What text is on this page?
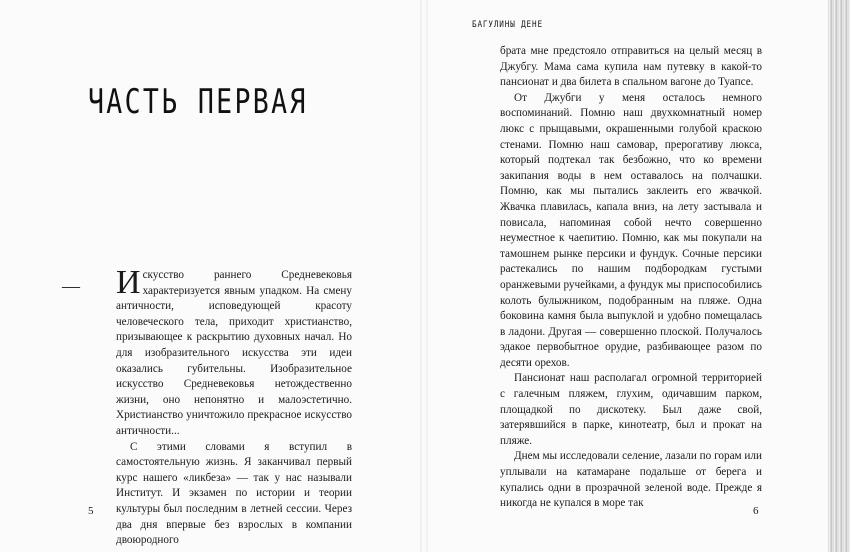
ЧАСТЬ ПЕРВАЯ
— Искусство раннего Средневековья характеризуется явным упадком. На смену античности, исповедующей красоту человеческого тела, приходит христианство, призывающее к раскрытию духовных начал. Но для изобразительного искусства эти идеи оказались губительны. Изобразительное искусство Средневековья нетождественно жизни, оно непонятно и малоэстетично. Христианство уничтожило прекрасное искусство античности...

С этими словами я вступил в самостоятельную жизнь. Я заканчивал первый курс нашего «ликбеза» — так у нас называли Институт. И экзамен по истории и теории культуры был последним в летней сессии. Через два дня впервые без взрослых в компании двоюродного

5
БАГУЛИНЫ ДЕНЕ

брата мне предстояло отправиться на целый месяц в Джубгу. Мама сама купила нам путевку в какой-то пансионат и два билета в спальном вагоне до Туапсе.

От Джубги у меня осталось немного воспоминаний. Помню наш двухкомнатный номер люкс с прыщавыми, окрашенными голубой краскою стенами. Помню наш самовар, прерогативу люкса, который подтекал так безбожно, что ко времени закипания воды в нем оставалось на полчашки. Помню, как мы пытались заклеить его жвачкой. Жвачка плавилась, капала вниз, на лету застывала и повисала, напоминая собой нечто совершенно неуместное к чаепитию. Помню, как мы покупали на тамошнем рынке персики и фундук. Сочные персики растекались по нашим подбородкам густыми оранжевыми ручейками, а фундук мы приспособились колоть булыжником, подобранным на пляже. Одна боковина камня была выпуклой и удобно помещалась в ладони. Другая — совершенно плоской. Получалось эдакое первобытное орудие, разбивающее разом по десяти орехов.

Пансионат наш располагал огромной территорией с галечным пляжем, глухим, одичавшим парком, площадкой по дискотеку. Был даже свой, затерявшийся в парке, кинотеатр, был и прокат на пляже.

Днем мы исследовали селение, лазали по горам или уплывали на катамаране подальше от берега и купались одни в прозрачной зеленой воде. Прежде я никогда не купался в море так

6
